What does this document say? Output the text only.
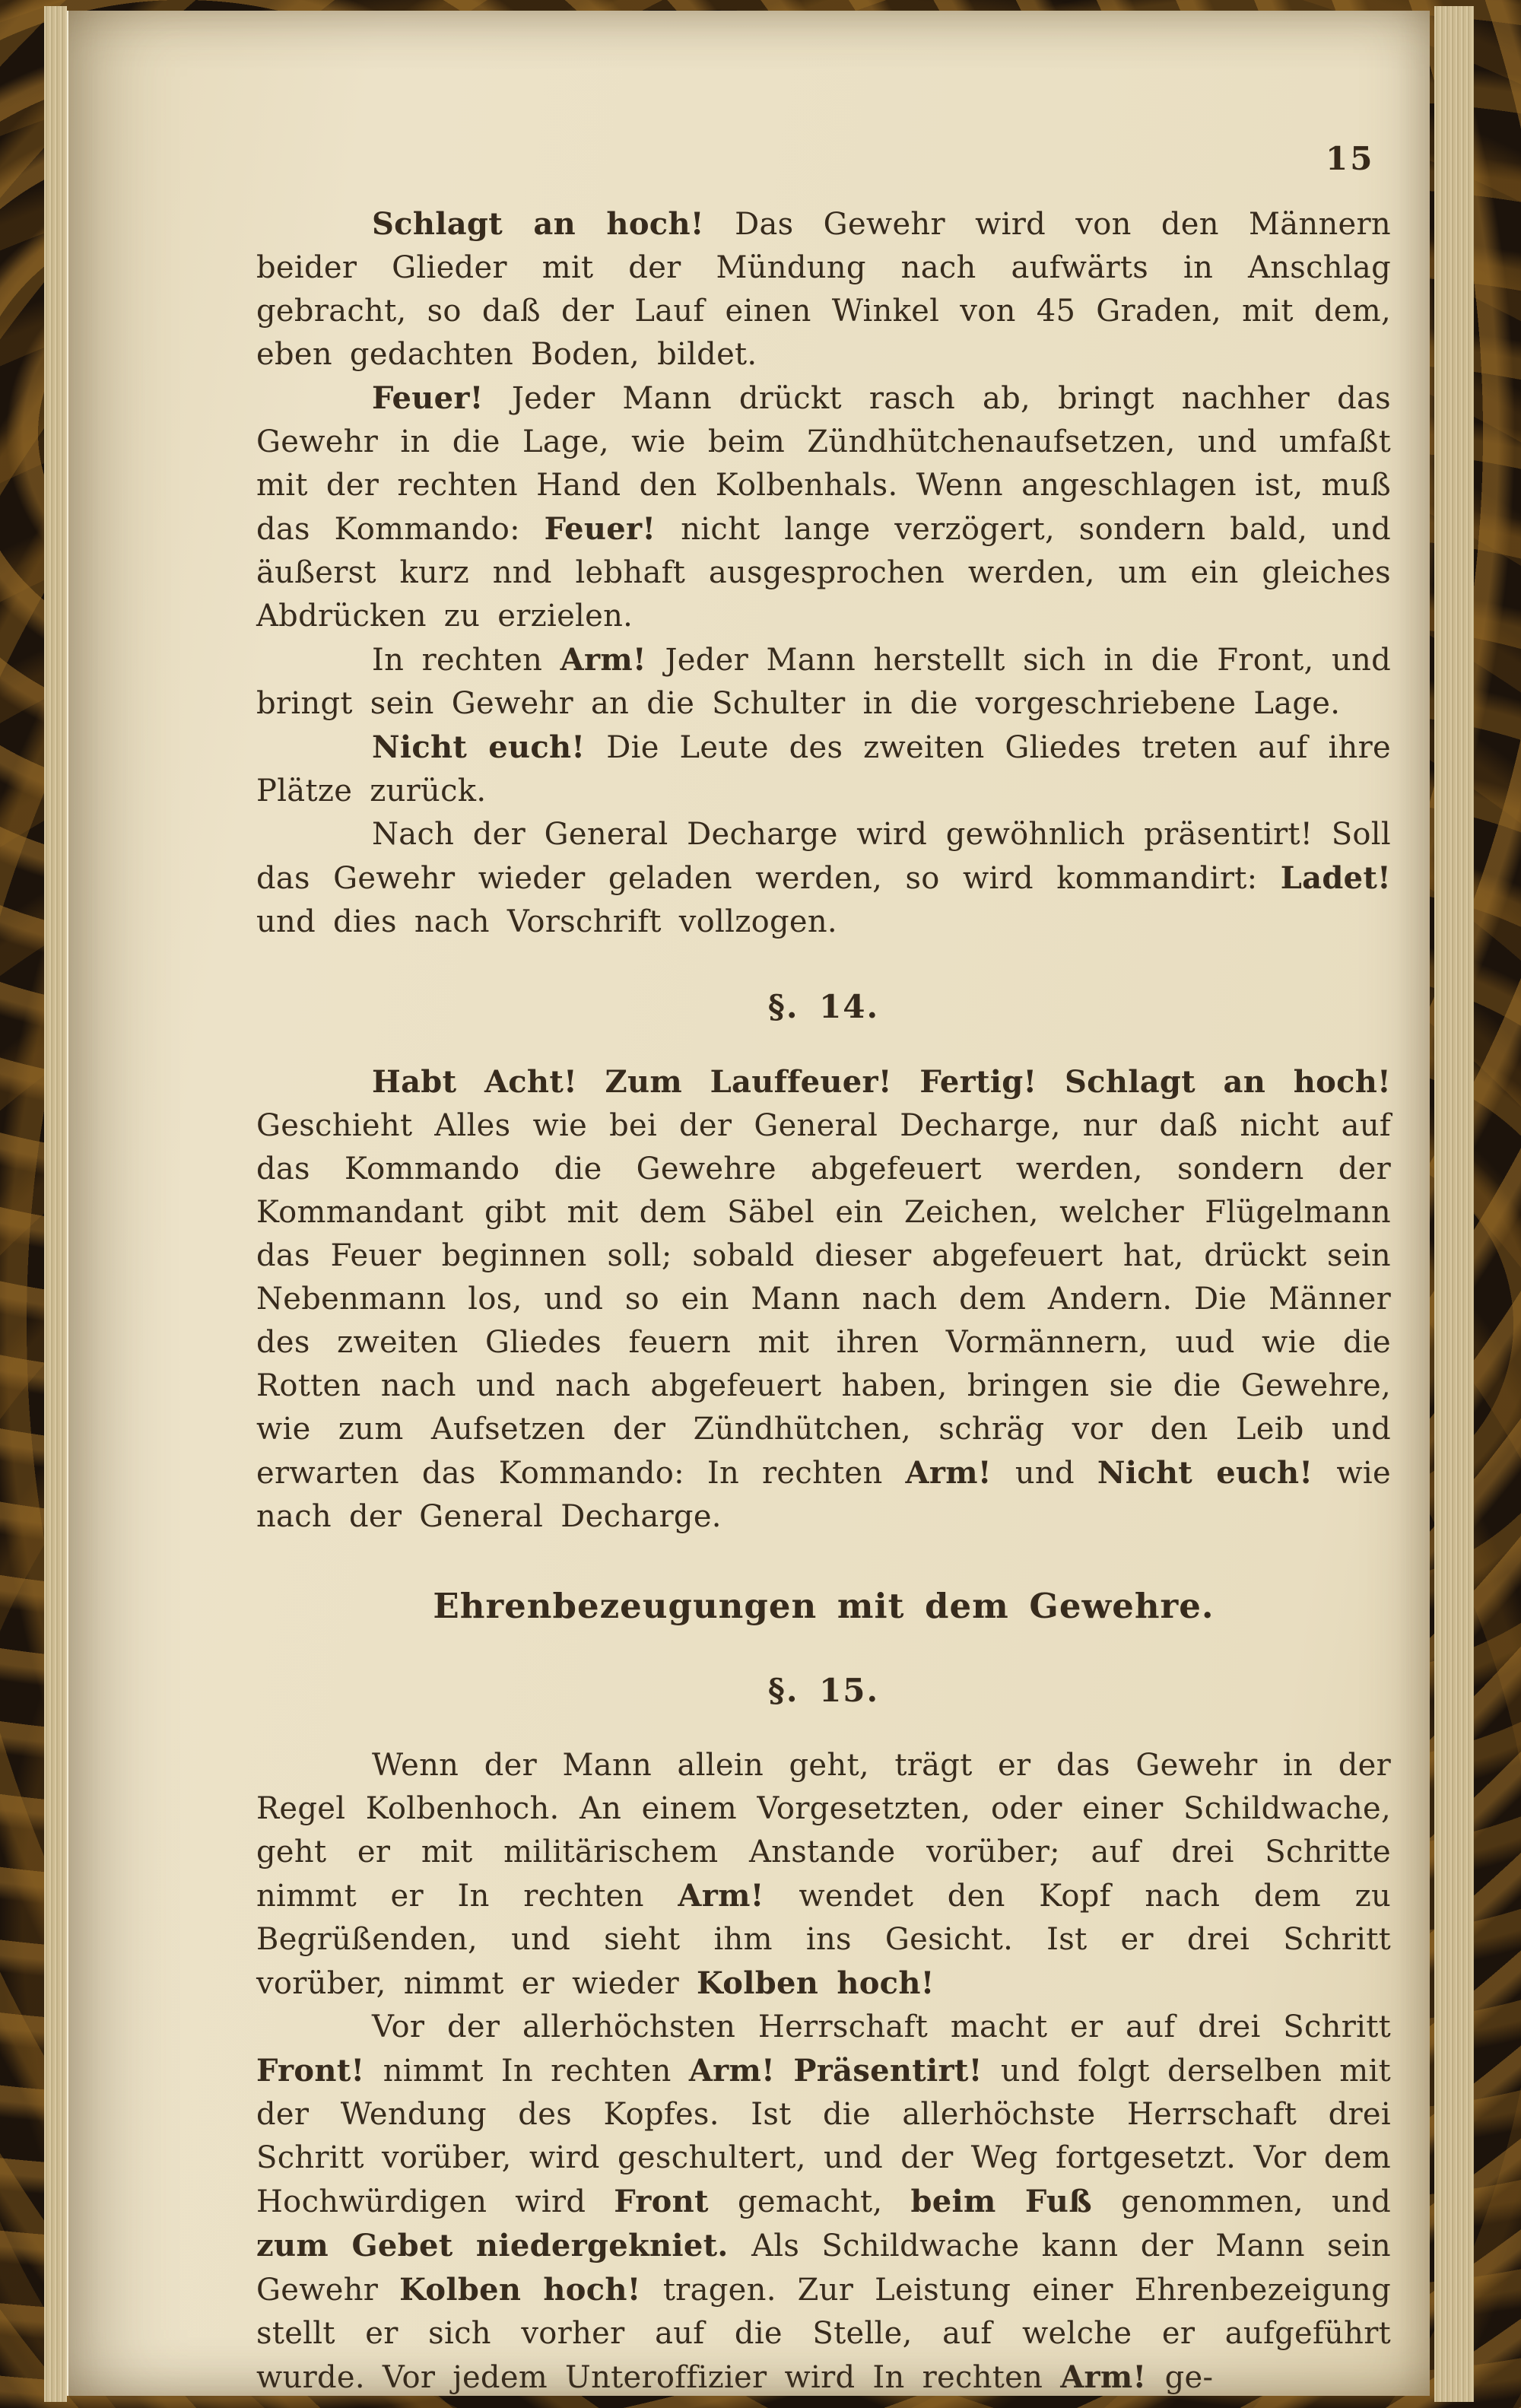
15
Schlagt an hoch! Das Gewehr wird von den Männern beider Glieder mit der Mündung nach aufwärts in Anschlag gebracht, so daß der Lauf einen Winkel von 45 Graden, mit dem, eben gedachten Boden, bildet.
Feuer! Jeder Mann drückt rasch ab, bringt nachher das Gewehr in die Lage, wie beim Zündhütchenaufsetzen, und umfaßt mit der rechten Hand den Kolbenhals. Wenn angeschlagen ist, muß das Kommando: Feuer! nicht lange verzögert, sondern bald, und äußerst kurz nnd lebhaft ausgesprochen werden, um ein gleiches Abdrücken zu erzielen.
In rechten Arm! Jeder Mann herstellt sich in die Front, und bringt sein Gewehr an die Schulter in die vorgeschriebene Lage.
Nicht euch! Die Leute des zweiten Gliedes treten auf ihre Plätze zurück.
Nach der General Decharge wird gewöhnlich präsentirt! Soll das Gewehr wieder geladen werden, so wird kommandirt: Ladet! und dies nach Vorschrift vollzogen.
§. 14.
Habt Acht! Zum Lauffeuer! Fertig! Schlagt an hoch! Geschieht Alles wie bei der General Decharge, nur daß nicht auf das Kommando die Gewehre abgefeuert werden, sondern der Kommandant gibt mit dem Säbel ein Zeichen, welcher Flügelmann das Feuer beginnen soll; sobald dieser abgefeuert hat, drückt sein Nebenmann los, und so ein Mann nach dem Andern. Die Männer des zweiten Gliedes feuern mit ihren Vormännern, uud wie die Rotten nach und nach abgefeuert haben, bringen sie die Gewehre, wie zum Aufsetzen der Zündhütchen, schräg vor den Leib und erwarten das Kommando: In rechten Arm! und Nicht euch! wie nach der General Decharge.
Ehrenbezeugungen mit dem Gewehre.
§. 15.
Wenn der Mann allein geht, trägt er das Gewehr in der Regel Kolbenhoch. An einem Vorgesetzten, oder einer Schildwache, geht er mit militärischem Anstande vorüber; auf drei Schritte nimmt er In rechten Arm! wendet den Kopf nach dem zu Begrüßenden, und sieht ihm ins Gesicht. Ist er drei Schritt vorüber, nimmt er wieder Kolben hoch!
Vor der allerhöchsten Herrschaft macht er auf drei Schritt Front! nimmt In rechten Arm! Präsentirt! und folgt derselben mit der Wendung des Kopfes. Ist die allerhöchste Herrschaft drei Schritt vorüber, wird geschultert, und der Weg fortgesetzt. Vor dem Hochwürdigen wird Front gemacht, beim Fuß genommen, und zum Gebet niedergekniet. Als Schildwache kann der Mann sein Gewehr Kolben hoch! tragen. Zur Leistung einer Ehrenbezeigung stellt er sich vorher auf die Stelle, auf welche er aufgeführt wurde. Vor jedem Unteroffizier wird In rechten Arm! ge-
